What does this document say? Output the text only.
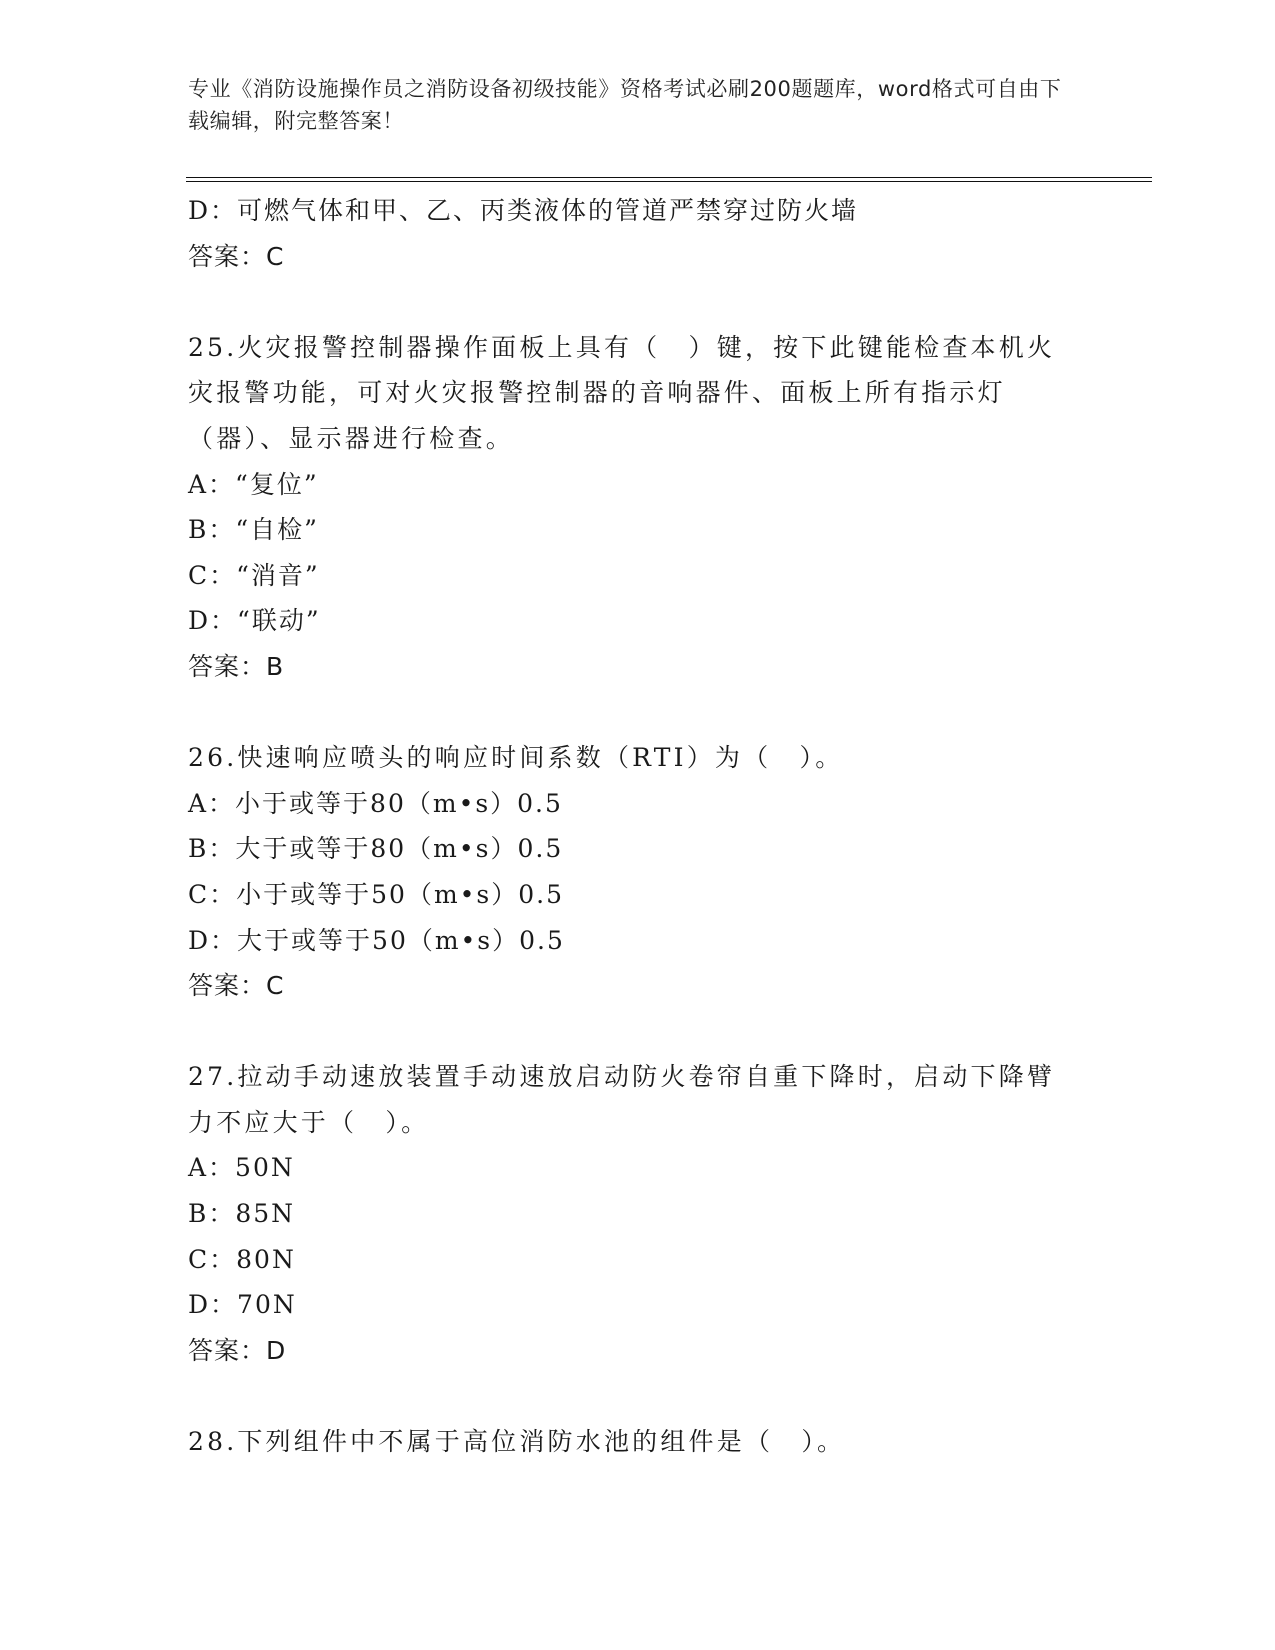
专业《消防设施操作员之消防设备初级技能》资格考试必刷200题题库，word格式可自由下载编辑，附完整答案！
D：可燃气体和甲、乙、丙类液体的管道严禁穿过防火墙
答案：C
25.火灾报警控制器操作面板上具有（　）键，按下此键能检查本机火灾报警功能，可对火灾报警控制器的音响器件、面板上所有指示灯（器）、显示器进行检查。
A：“复位”
B：“自检”
C：“消音”
D：“联动”
答案：B
26.快速响应喷头的响应时间系数（RTI）为（　）。
A：小于或等于80（m•s）0.5
B：大于或等于80（m•s）0.5
C：小于或等于50（m•s）0.5
D：大于或等于50（m•s）0.5
答案：C
27.拉动手动速放装置手动速放启动防火卷帘自重下降时，启动下降臂力不应大于（　）。
A：50N
B：85N
C：80N
D：70N
答案：D
28.下列组件中不属于高位消防水池的组件是（　）。
